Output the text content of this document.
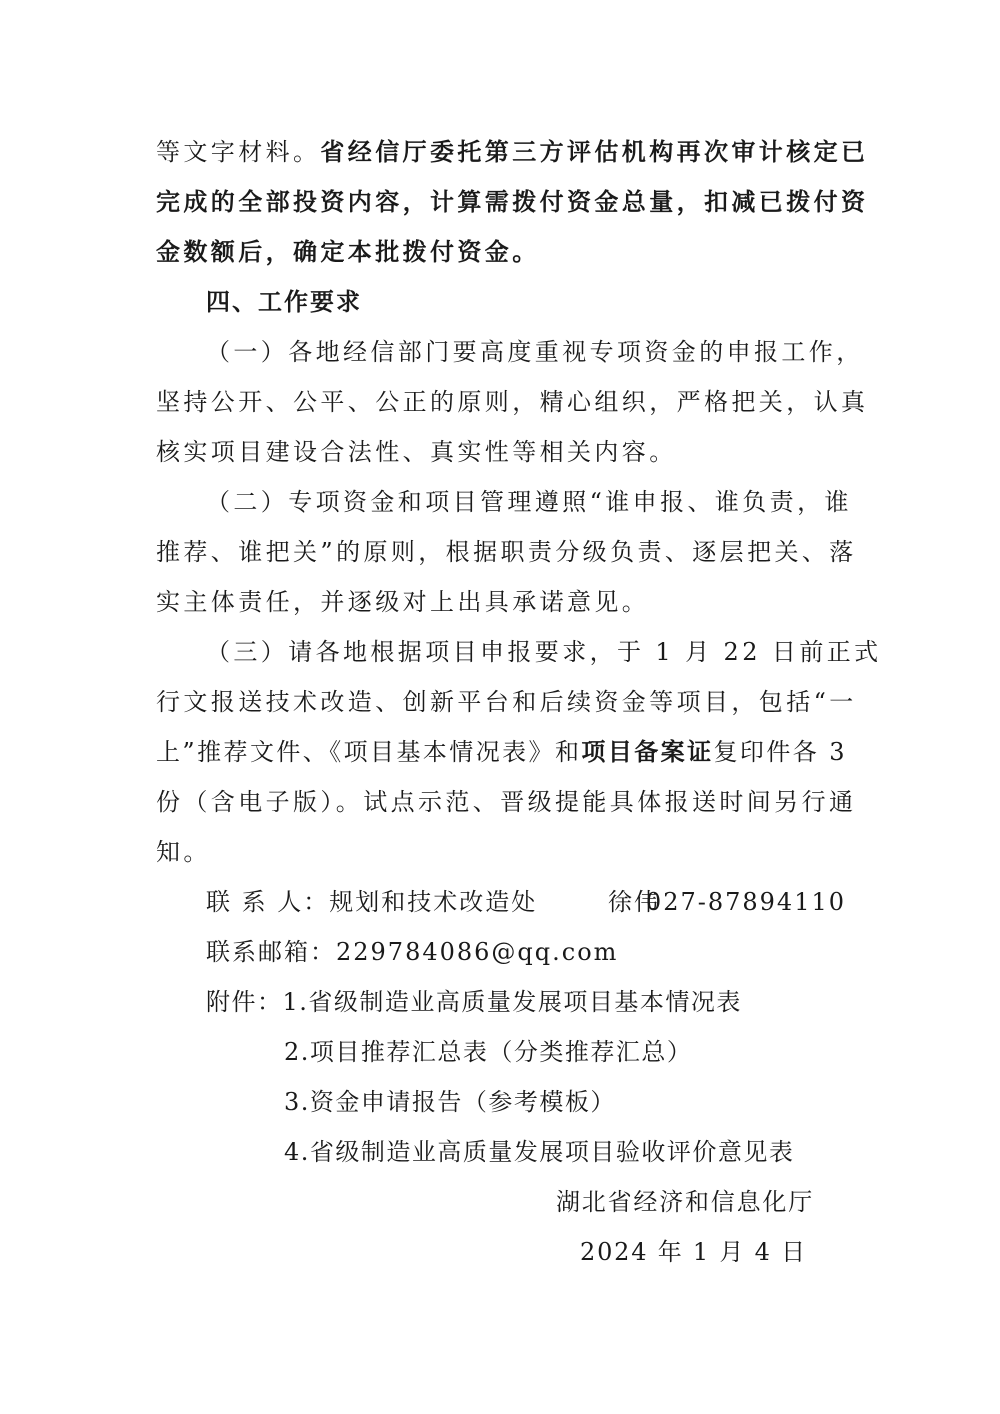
等文字材料。省经信厅委托第三方评估机构再次审计核定已
完成的全部投资内容，计算需拨付资金总量，扣减已拨付资
金数额后，确定本批拨付资金。
四、工作要求
（一）各地经信部门要高度重视专项资金的申报工作，
坚持公开、公平、公正的原则，精心组织，严格把关，认真
核实项目建设合法性、真实性等相关内容。
（二）专项资金和项目管理遵照“谁申报、谁负责，谁
推荐、谁把关”的原则，根据职责分级负责、逐层把关、落
实主体责任，并逐级对上出具承诺意见。
（三）请各地根据项目申报要求，于 1 月 22 日前正式
行文报送技术改造、创新平台和后续资金等项目，包括“一
上”推荐文件、《项目基本情况表》和项目备案证复印件各 3
份（含电子版）。试点示范、晋级提能具体报送时间另行通
知。
联 系 人：规划和技术改造处	徐伟
027-87894110
联系邮箱：229784086@qq.com
附件：1.省级制造业高质量发展项目基本情况表
2.项目推荐汇总表（分类推荐汇总）
3.资金申请报告（参考模板）
4.省级制造业高质量发展项目验收评价意见表
湖北省经济和信息化厅
2024 年 1 月 4 日
